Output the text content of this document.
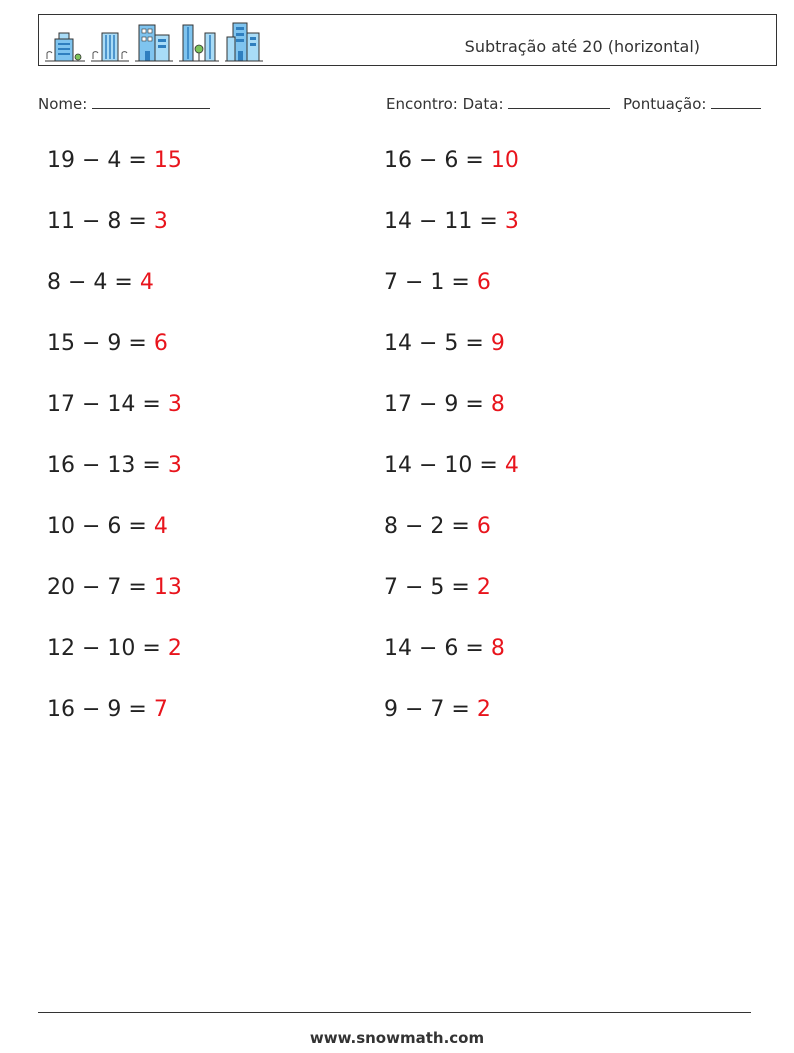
Subtração até 20 (horizontal)
Nome:	Encontro: Data:	Pontuação:
19 − 4 = 15
11 − 8 = 3
8 − 4 = 4
15 − 9 = 6
17 − 14 = 3
16 − 13 = 3
10 − 6 = 4
20 − 7 = 13
12 − 10 = 2
16 − 9 = 7
16 − 6 = 10
14 − 11 = 3
7 − 1 = 6
14 − 5 = 9
17 − 9 = 8
14 − 10 = 4
8 − 2 = 6
7 − 5 = 2
14 − 6 = 8
9 − 7 = 2
www.snowmath.com
